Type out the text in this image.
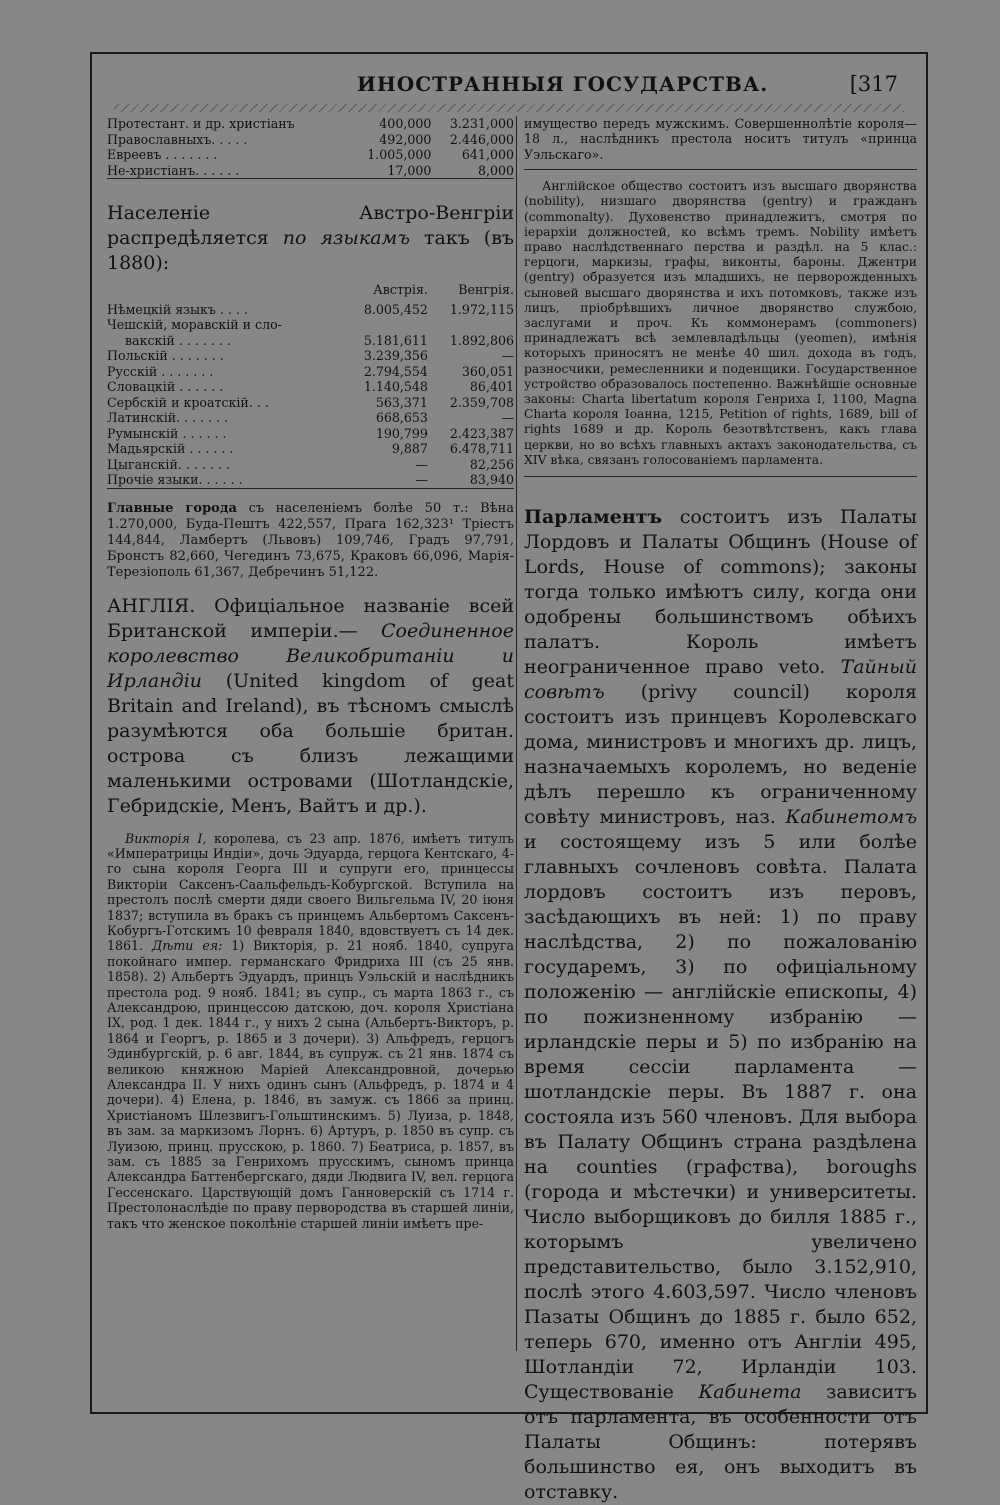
ИНОСТРАННЫЯ ГОСУДАРСТВА.	[317
Протестант. и др. христіанъ	400,000	3.231,000
Православныхъ. . . . .	492,000	2.446,000
Евреевъ . . . . . . .	1.005,000	641,000
Не-христіанъ. . . . . .	17,000	8,000

Населеніе Австро-Венгріи распредѣляется по языкамъ такъ (въ 1880):

	Австрія.	Венгрія.
Нѣмецкій языкъ . . . .	8.005,452	1.972,115
Чешскій, моравскій и сло-		
вакскій . . . . . . .	5.181,611	1.892,806
Польскій . . . . . . .	3.239,356	—
Русскій . . . . . . .	2.794,554	360,051
Словацкій . . . . . .	1.140,548	86,401
Сербскій и кроатскій. . .	563,371	2.359,708
Латинскій. . . . . . .	668,653	—
Румынскій . . . . . .	190,799	2.423,387
Мадьярскій . . . . . .	9,887	6.478,711
Цыганскій. . . . . . .	—	82,256
Прочіе языки. . . . . .	—	83,940

Главные города съ населеніемъ болѣе 50 т.: Вѣна 1.270,000, Буда-Пештъ 422,557, Прага 162,323¹ Тріестъ 144,844, Ламбертъ (Львовъ) 109,746, Градъ 97,791, Бронстъ 82,660, Чегединъ 73,675, Краковъ 66,096, Марія-Терезіополь 61,367, Дебречинъ 51,122.

АНГЛІЯ. Офиціальное названіе всей Британской имперіи.— Соединенное королевство Великобританіи и Ирландіи (United kingdom of geat Britain and Ireland), въ тѣсномъ смыслѣ разумѣются оба большіе британ. острова съ близъ лежащими маленькими островами (Шотландскіе, Гебридскіе, Менъ, Вайтъ и др.).

Викторія I, королева, съ 23 апр. 1876, имѣетъ титулъ «Императрицы Индіи», дочь Эдуарда, герцога Кентскаго, 4-го сына короля Георга III и супруги его, принцессы Викторіи Саксенъ-Саальфельдъ-Кобургской. Вступила на престолъ послѣ смерти дяди своего Вильгельма IV, 20 іюня 1837; вступила въ бракъ съ принцемъ Альбертомъ Саксенъ-Кобургъ-Готскимъ 10 февраля 1840, вдовствуетъ съ 14 дек. 1861. Дѣти ея: 1) Викторія, р. 21 нояб. 1840, супруга покойнаго импер. германскаго Фридриха III (съ 25 янв. 1858). 2) Альбертъ Эдуардъ, принцъ Уэльскій и наслѣдникъ престола род. 9 нояб. 1841; въ супр., съ марта 1863 г., съ Александрою, принцессою датскою, доч. короля Христіана IX, род. 1 дек. 1844 г., у нихъ 2 сына (Альбертъ-Викторъ, р. 1864 и Георгъ, р. 1865 и 3 дочери). 3) Альфредъ, герцогъ Эдинбургскій, р. 6 авг. 1844, въ супруж. съ 21 янв. 1874 съ великою княжною Маріей Александровной, дочерью Александра II. У нихъ одинъ сынъ (Альфредъ, р. 1874 и 4 дочери). 4) Елена, р. 1846, въ замуж. съ 1866 за принц. Христіаномъ Шлезвигъ-Гольштинскимъ. 5) Луиза, р. 1848, въ зам. за маркизомъ Лорнъ. 6) Артуръ, р. 1850 въ супр. съ Луизою, принц. прусскою, р. 1860. 7) Беатриса, р. 1857, въ зам. съ 1885 за Генрихомъ прусскимъ, сыномъ принца Александра Баттенбергскаго, дяди Людвига IV, вел. герцога Гессенскаго. Царствующій домъ Ганноверскій съ 1714 г. Престолонаслѣдіе по праву первородства въ старшей линіи, такъ что женское поколѣніе старшей линіи имѣетъ пре-

имущество передъ мужскимъ. Совершеннолѣтіе короля—18 л., наслѣдникъ престола носитъ титулъ «принца Уэльскаго».

Англійское общество состоитъ изъ высшаго дворянства (nobility), низшаго дворянства (gentry) и гражданъ (commonalty). Духовенство принадлежитъ, смотря по іерархіи должностей, ко всѣмъ тремъ. Nobility имѣетъ право наслѣдственнаго перства и раздѣл. на 5 клас.: герцоги, маркизы, графы, виконты, бароны. Джентри (gentry) образуется изъ младшихъ, не перворожденныхъ сыновей высшаго дворянства и ихъ потомковъ, также изъ лицъ, пріобрѣвшихъ личное дворянство службою, заслугами и проч. Къ коммонерамъ (commoners) принадлежатъ всѣ землевладѣльцы (yeomen), имѣнія которыхъ приносятъ не менѣе 40 шил. дохода въ годъ, разносчики, ремесленники и поденщики. Государственное устройство образовалось постепенно. Важнѣйшіе основные законы: Charta libertatum короля Генриха I, 1100, Magna Charta короля Іоанна, 1215, Petition of rights, 1689, bill of rights 1689 и др. Король безотвѣтственъ, какъ глава церкви, но во всѣхъ главныхъ актахъ законодательства, съ XIV вѣка, связанъ голосованіемъ парламента.

Парламентъ состоитъ изъ Палаты Лордовъ и Палаты Общинъ (House of Lords, House of commons); законы тогда только имѣютъ силу, когда они одобрены большинствомъ обѣихъ палатъ. Король имѣетъ неограниченное право veto. Тайный совѣтъ (privy council) короля состоитъ изъ принцевъ Королевскаго дома, министровъ и многихъ др. лицъ, назначаемыхъ королемъ, но веденіе дѣлъ перешло къ ограниченному совѣту министровъ, наз. Кабинетомъ и состоящему изъ 5 или болѣе главныхъ сочленовъ совѣта. Палата лордовъ состоитъ изъ перовъ, засѣдающихъ въ ней: 1) по праву наслѣдства, 2) по пожалованію государемъ, 3) по офиціальному положенію — англійскіе епископы, 4) по пожизненному избранію — ирландскіе перы и 5) по избранію на время сессіи парламента — шотландскіе перы. Въ 1887 г. она состояла изъ 560 членовъ. Для выбора въ Палату Общинъ страна раздѣлена на counties (графства), boroughs (города и мѣстечки) и университеты. Число выборщиковъ до билля 1885 г., которымъ увеличено представительство, было 3.152,910, послѣ этого 4.603,597. Число членовъ Пазаты Общинъ до 1885 г. было 652, теперь 670, именно отъ Англіи 495, Шотландіи 72, Ирландіи 103. Существованіе Кабинета зависитъ отъ парламента, въ особенности отъ Палаты Общинъ: потерявъ большинство ея, онъ выходитъ въ отставку.
